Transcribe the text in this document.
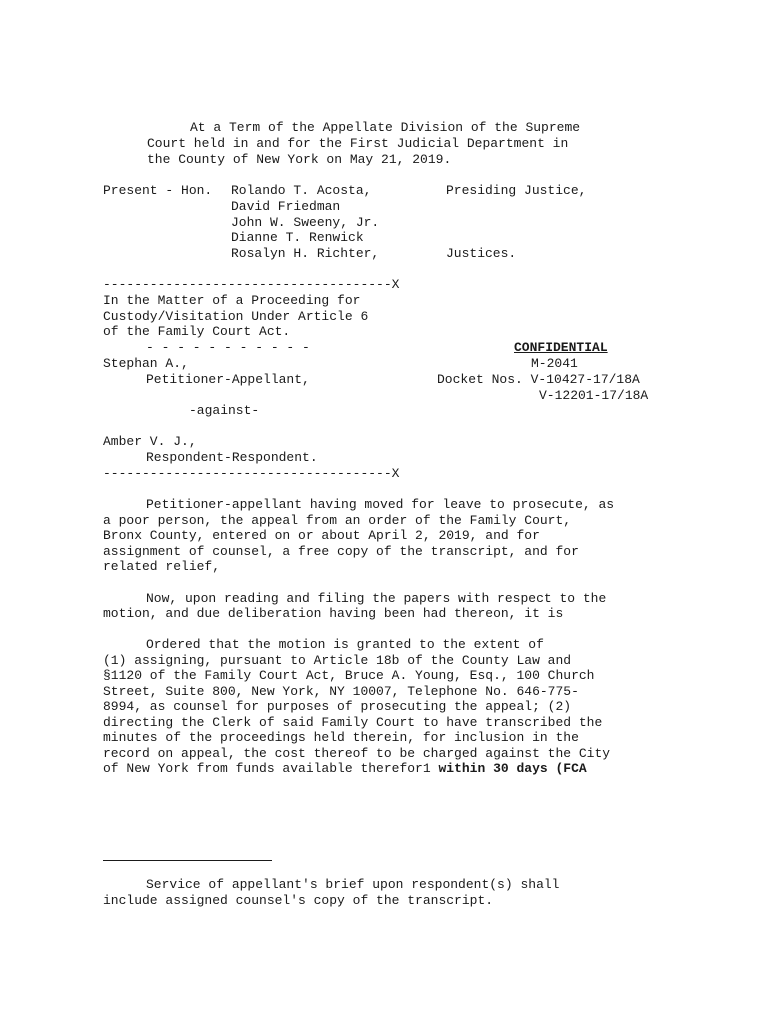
At a Term of the Appellate Division of the Supreme
Court held in and for the First Judicial Department in
the County of New York on May 21, 2019.
Present - Hon. Rolando T. Acosta,
David Friedman
John W. Sweeny, Jr.
Dianne T. Renwick
Rosalyn H. Richter,
Presiding Justice,
Justices.
-------------------------------------X
In the Matter of a Proceeding for
Custody/Visitation Under Article 6
of the Family Court Act.
- - - - - - - - - - -	CONFIDENTIAL
M-2041
Stephan A.,
Petitioner-Appellant,	Docket Nos. V-10427-17/18A
V-12201-17/18A
-against-
Amber V. J.,
Respondent-Respondent.
-------------------------------------X
Petitioner-appellant having moved for leave to prosecute, as
a poor person, the appeal from an order of the Family Court,
Bronx County, entered on or about April 2, 2019, and for
assignment of counsel, a free copy of the transcript, and for
related relief,
Now, upon reading and filing the papers with respect to the
motion, and due deliberation having been had thereon, it is
Ordered that the motion is granted to the extent of
(1) assigning, pursuant to Article 18b of the County Law and
§1120 of the Family Court Act, Bruce A. Young, Esq., 100 Church
Street, Suite 800, New York, NY 10007, Telephone No. 646-775-
8994, as counsel for purposes of prosecuting the appeal; (2)
directing the Clerk of said Family Court to have transcribed the
minutes of the proceedings held therein, for inclusion in the
record on appeal, the cost thereof to be charged against the City
of New York from funds available therefor1 within 30 days (FCA
Service of appellant's brief upon respondent(s) shall
include assigned counsel's copy of the transcript.
